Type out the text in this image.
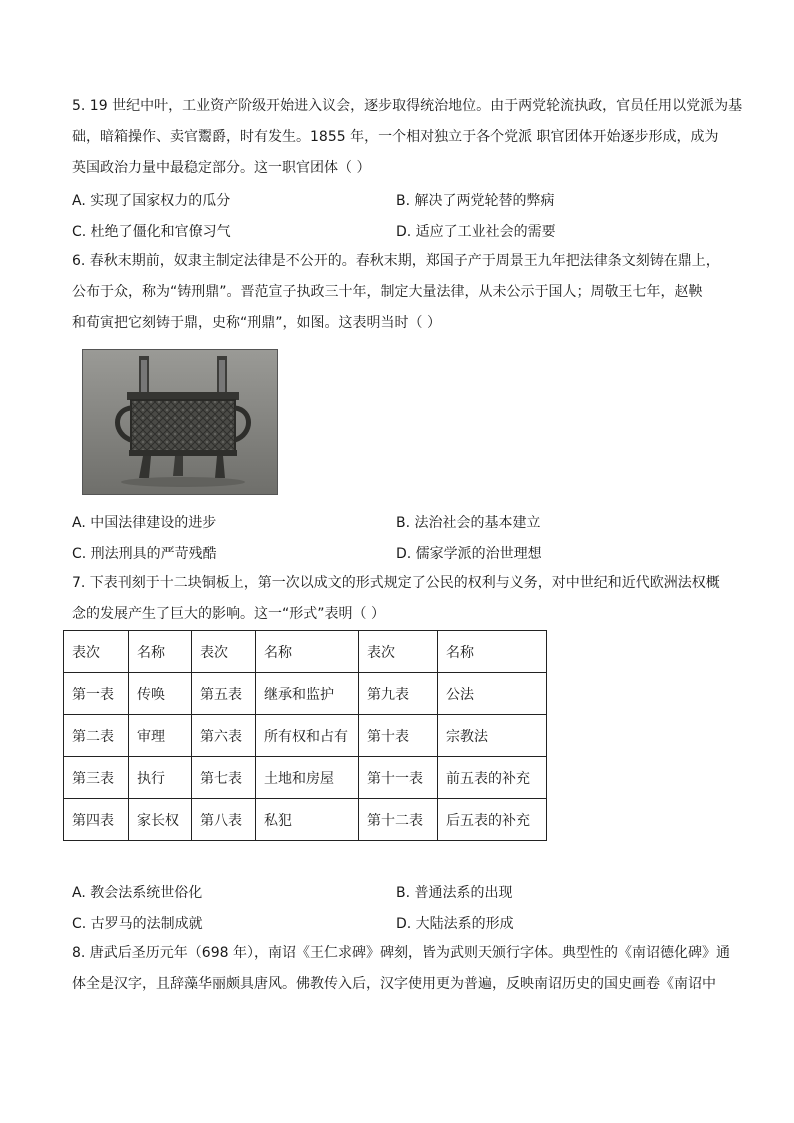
5. 19 世纪中叶，工业资产阶级开始进入议会，逐步取得统治地位。由于两党轮流执政，官员任用以党派为基
础，暗箱操作、卖官鬻爵，时有发生。1855 年，一个相对独立于各个党派 职官团体开始逐步形成，成为
英国政治力量中最稳定部分。这一职官团体（ ）
A. 实现了国家权力的瓜分	B. 解决了两党轮替的弊病
C. 杜绝了僵化和官僚习气	D. 适应了工业社会的需要
6. 春秋末期前，奴隶主制定法律是不公开的。春秋末期，郑国子产于周景王九年把法律条文刻铸在鼎上，
公布于众，称为“铸刑鼎”。晋范宣子执政三十年，制定大量法律，从未公示于国人；周敬王七年，赵鞅
和荀寅把它刻铸于鼎，史称“刑鼎”，如图。这表明当时（ ）
A. 中国法律建设的进步	B. 法治社会的基本建立
C. 刑法刑具的严苛残酷	D. 儒家学派的治世理想
7. 下表刊刻于十二块铜板上，第一次以成文的形式规定了公民的权利与义务，对中世纪和近代欧洲法权概
念的发展产生了巨大的影响。这一“形式”表明（ ）
表次	名称	表次	名称	表次	名称
第一表	传唤	第五表	继承和监护	第九表	公法
第二表	审理	第六表	所有权和占有	第十表	宗教法
第三表	执行	第七表	土地和房屋	第十一表	前五表的补充
第四表	家长权	第八表	私犯	第十二表	后五表的补充
A. 教会法系统世俗化	B. 普通法系的出现
C. 古罗马的法制成就	D. 大陆法系的形成
8. 唐武后圣历元年（698 年），南诏《王仁求碑》碑刻，皆为武则天颁行字体。典型性的《南诏德化碑》通
体全是汉字，且辞藻华丽颇具唐风。佛教传入后，汉字使用更为普遍，反映南诏历史的国史画卷《南诏中
